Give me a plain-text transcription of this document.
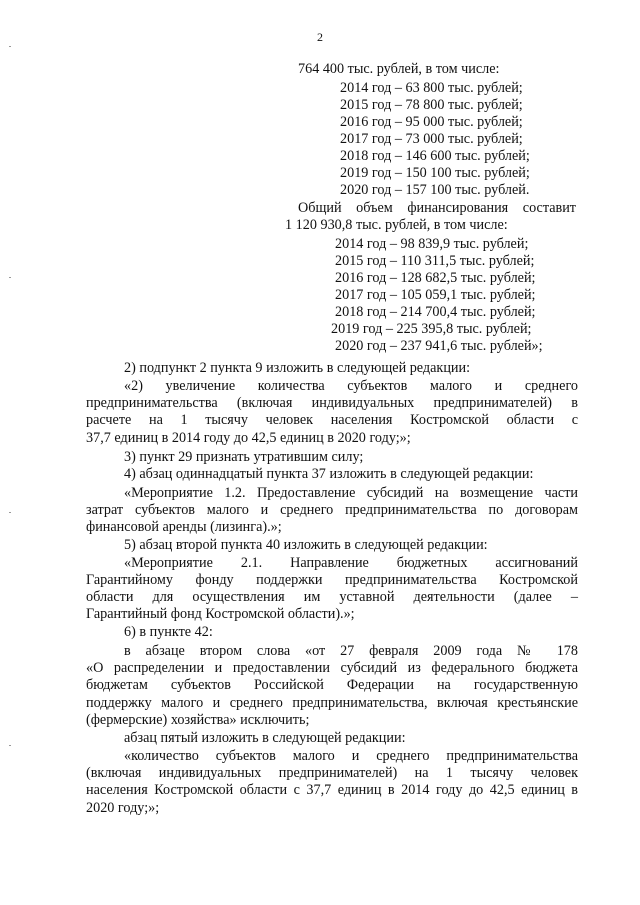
2
764 400 тыс. рублей, в том числе:
2014 год – 63 800 тыс. рублей;
2015 год – 78 800 тыс. рублей;
2016 год – 95 000 тыс. рублей;
2017 год – 73 000 тыс. рублей;
2018 год – 146 600 тыс. рублей;
2019 год – 150 100 тыс. рублей;
2020 год – 157 100 тыс. рублей.
Общий объем финансирования составит
1 120 930,8 тыс. рублей, в том числе:
2014 год – 98 839,9 тыс. рублей;
2015 год – 110 311,5 тыс. рублей;
2016 год – 128 682,5 тыс. рублей;
2017 год – 105 059,1 тыс. рублей;
2018 год – 214 700,4 тыс. рублей;
2019 год – 225 395,8 тыс. рублей;
2020 год – 237 941,6 тыс. рублей»;
2) подпункт 2 пункта 9 изложить в следующей редакции:
«2) увеличение количества субъектов малого и среднего
предпринимательства (включая индивидуальных предпринимателей) в
расчете на 1 тысячу человек населения Костромской области с
37,7 единиц в 2014 году до 42,5 единиц в 2020 году;»;
3) пункт 29 признать утратившим силу;
4) абзац одиннадцатый пункта 37 изложить в следующей редакции:
«Мероприятие 1.2. Предоставление субсидий на возмещение части
затрат субъектов малого и среднего предпринимательства по договорам
финансовой аренды (лизинга).»;
5) абзац второй пункта 40 изложить в следующей редакции:
«Мероприятие 2.1. Направление бюджетных ассигнований
Гарантийному фонду поддержки предпринимательства Костромской
области для осуществления им уставной деятельности (далее –
Гарантийный фонд Костромской области).»;
6) в пункте 42:
в абзаце втором слова «от 27 февраля 2009 года № 178
«О распределении и предоставлении субсидий из федерального бюджета
бюджетам субъектов Российской Федерации на государственную
поддержку малого и среднего предпринимательства, включая крестьянские
(фермерские) хозяйства» исключить;
абзац пятый изложить в следующей редакции:
«количество субъектов малого и среднего предпринимательства
(включая индивидуальных предпринимателей) на 1 тысячу человек
населения Костромской области с 37,7 единиц в 2014 году до 42,5 единиц в
2020 году;»;
